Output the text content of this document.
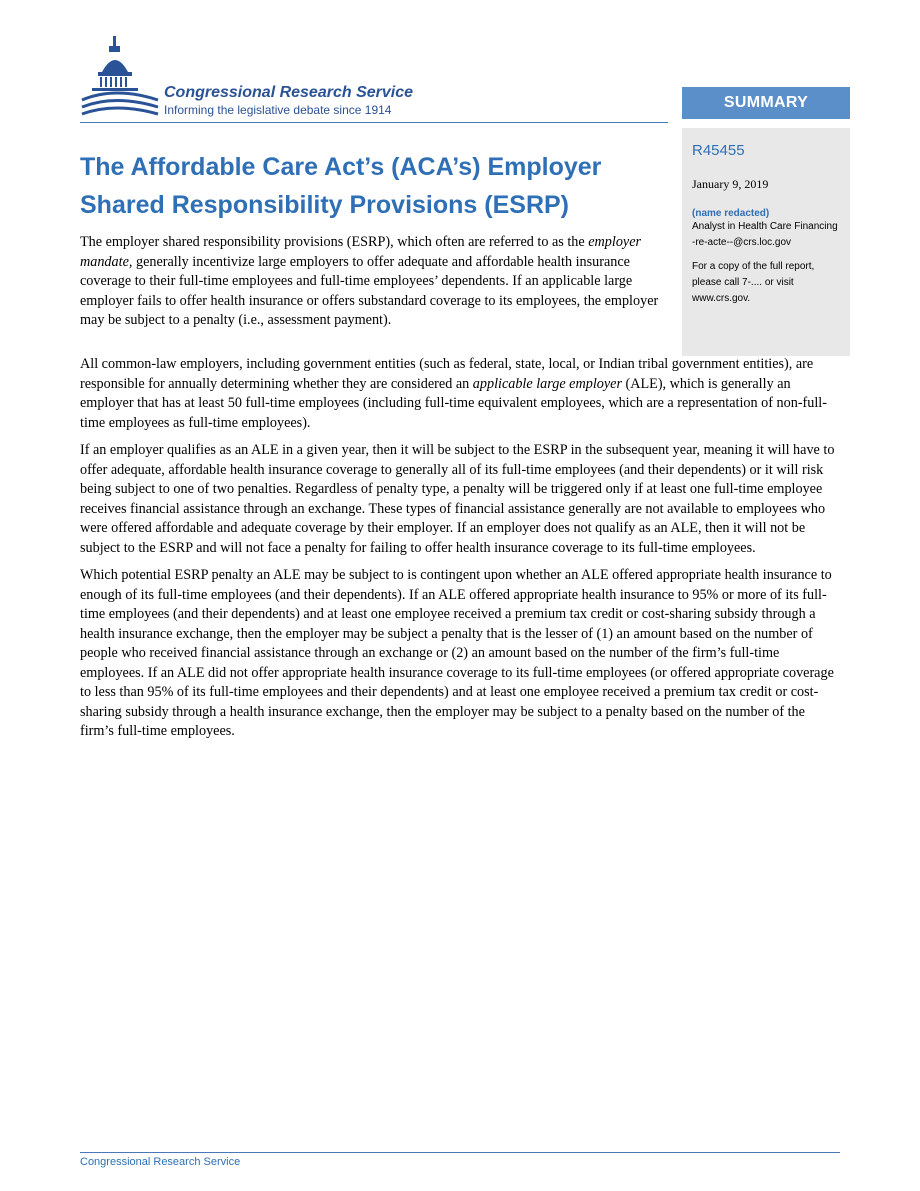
Congressional Research Service
Informing the legislative debate since 1914	SUMMARY
R45455
January 9, 2019
(name redacted)
Analyst in Health Care Financing
-re-acte--@crs.loc.gov
For a copy of the full report, please call 7-.... or visit www.crs.gov.
The Affordable Care Act’s (ACA’s) Employer Shared Responsibility Provisions (ESRP)

The employer shared responsibility provisions (ESRP), which often are referred to as the employer mandate, generally incentivize large employers to offer adequate and affordable health insurance coverage to their full-time employees and full-time employees’ dependents. If an applicable large employer fails to offer health insurance or offers substandard coverage to its employees, the employer may be subject to a penalty (i.e., assessment payment).

All common-law employers, including government entities (such as federal, state, local, or Indian tribal government entities), are responsible for annually determining whether they are considered an applicable large employer (ALE), which is generally an employer that has at least 50 full-time employees (including full-time equivalent employees, which are a representation of non-full-time employees as full-time employees).

If an employer qualifies as an ALE in a given year, then it will be subject to the ESRP in the subsequent year, meaning it will have to offer adequate, affordable health insurance coverage to generally all of its full-time employees (and their dependents) or it will risk being subject to one of two penalties. Regardless of penalty type, a penalty will be triggered only if at least one full-time employee receives financial assistance through an exchange. These types of financial assistance generally are not available to employees who were offered affordable and adequate coverage by their employer. If an employer does not qualify as an ALE, then it will not be subject to the ESRP and will not face a penalty for failing to offer health insurance coverage to its full-time employees.

Which potential ESRP penalty an ALE may be subject to is contingent upon whether an ALE offered appropriate health insurance to enough of its full-time employees (and their dependents). If an ALE offered appropriate health insurance to 95% or more of its full-time employees (and their dependents) and at least one employee received a premium tax credit or cost-sharing subsidy through a health insurance exchange, then the employer may be subject a penalty that is the lesser of (1) an amount based on the number of people who received financial assistance through an exchange or (2) an amount based on the number of the firm’s full-time employees. If an ALE did not offer appropriate health insurance coverage to its full-time employees (or offered appropriate coverage to less than 95% of its full-time employees and their dependents) and at least one employee received a premium tax credit or cost-sharing subsidy through a health insurance exchange, then the employer may be subject to a penalty based on the number of the firm’s full-time employees.

Congressional Research Service
